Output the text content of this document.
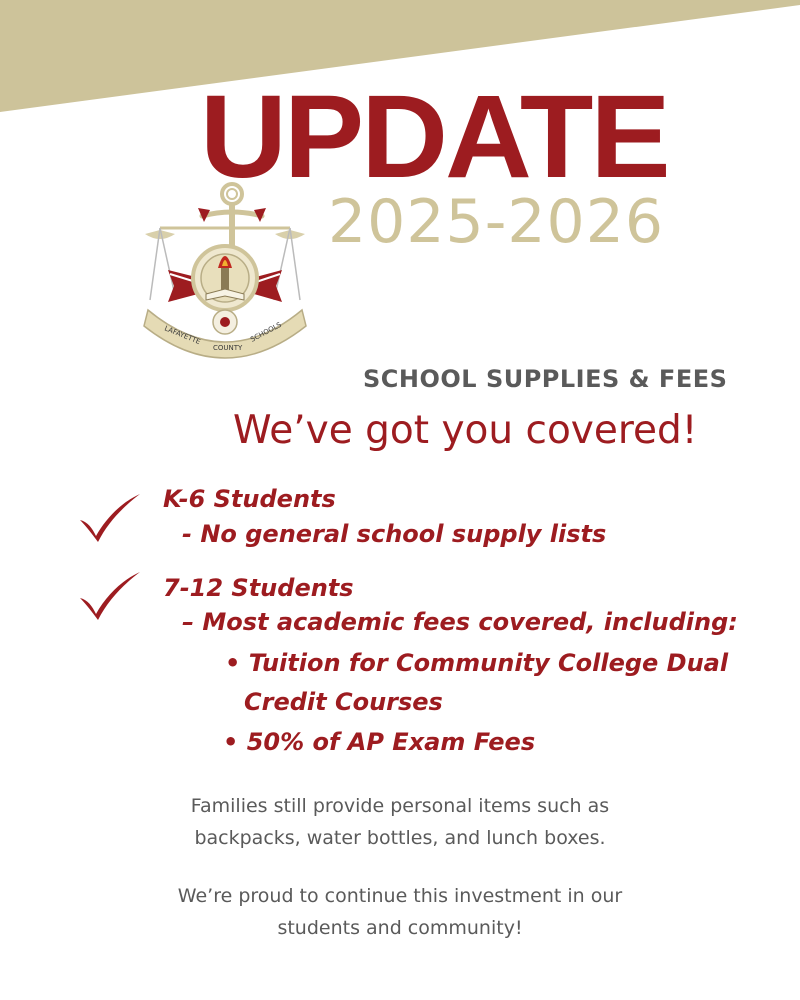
UPDATE
2025-2026
LAFAYETTE
COUNTY
SCHOOLS
SCHOOL SUPPLIES & FEES
We’ve got you covered!
K-6 Students
- No general school supply lists
7-12 Students
– Most academic fees covered, including:
• Tuition for Community College Dual
Credit Courses
• 50% of AP Exam Fees
Families still provide personal items such as
backpacks, water bottles, and lunch boxes.
We’re proud to continue this investment in our
students and community!
